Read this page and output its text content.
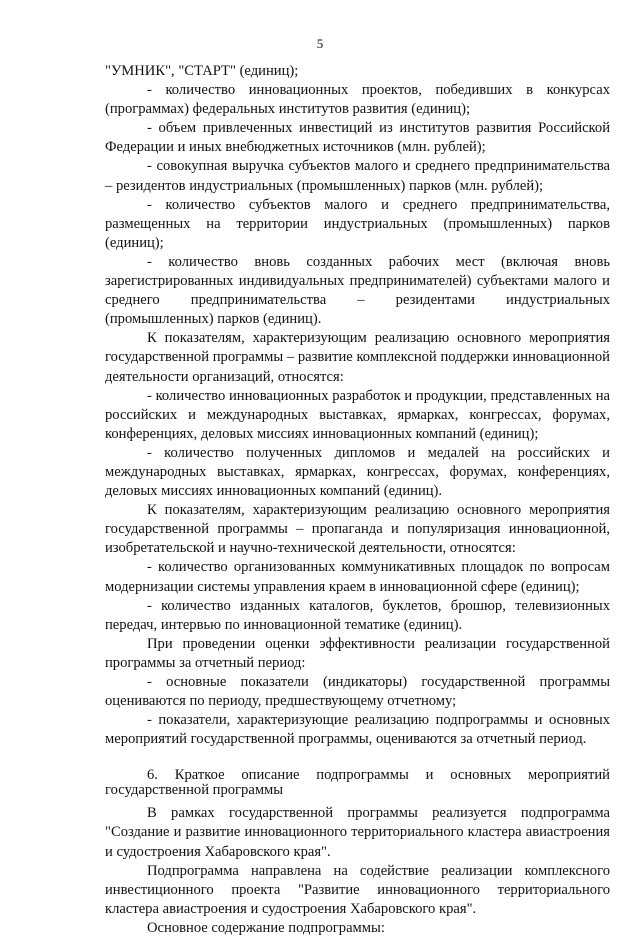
5

"УМНИК", "СТАРТ" (единиц);

- количество инновационных проектов, победивших в конкурсах (программах) федеральных институтов развития (единиц);

- объем привлеченных инвестиций из институтов развития Российской Федерации и иных внебюджетных источников (млн. рублей);

- совокупная выручка субъектов малого и среднего предпринимательства – резидентов индустриальных (промышленных) парков (млн. рублей);

- количество субъектов малого и среднего предпринимательства, размещенных на территории индустриальных (промышленных) парков (единиц);

- количество вновь созданных рабочих мест (включая вновь зарегистрированных индивидуальных предпринимателей) субъектами малого и среднего предпринимательства – резидентами индустриальных (промышленных) парков (единиц).

К показателям, характеризующим реализацию основного мероприятия государственной программы – развитие комплексной поддержки инновационной деятельности организаций, относятся:

- количество инновационных разработок и продукции, представленных на российских и международных выставках, ярмарках, конгрессах, форумах, конференциях, деловых миссиях инновационных компаний (единиц);

- количество полученных дипломов и медалей на российских и международных выставках, ярмарках, конгрессах, форумах, конференциях, деловых миссиях инновационных компаний (единиц).

К показателям, характеризующим реализацию основного мероприятия государственной программы – пропаганда и популяризация инновационной, изобретательской и научно-технической деятельности, относятся:

- количество организованных коммуникативных площадок по вопросам модернизации системы управления краем в инновационной сфере (единиц);

- количество изданных каталогов, буклетов, брошюр, телевизионных передач, интервью по инновационной тематике (единиц).

При проведении оценки эффективности реализации государственной программы за отчетный период:

- основные показатели (индикаторы) государственной программы оцениваются по периоду, предшествующему отчетному;

- показатели, характеризующие реализацию подпрограммы и основных мероприятий государственной программы, оцениваются за отчетный период.

6. Краткое описание подпрограммы и основных мероприятий государственной программы

В рамках государственной программы реализуется подпрограмма "Создание и развитие инновационного территориального кластера авиастроения и судостроения Хабаровского края".

Подпрограмма направлена на содействие реализации комплексного инвестиционного проекта "Развитие инновационного территориального кластера авиастроения и судостроения Хабаровского края".

Основное содержание подпрограммы:
